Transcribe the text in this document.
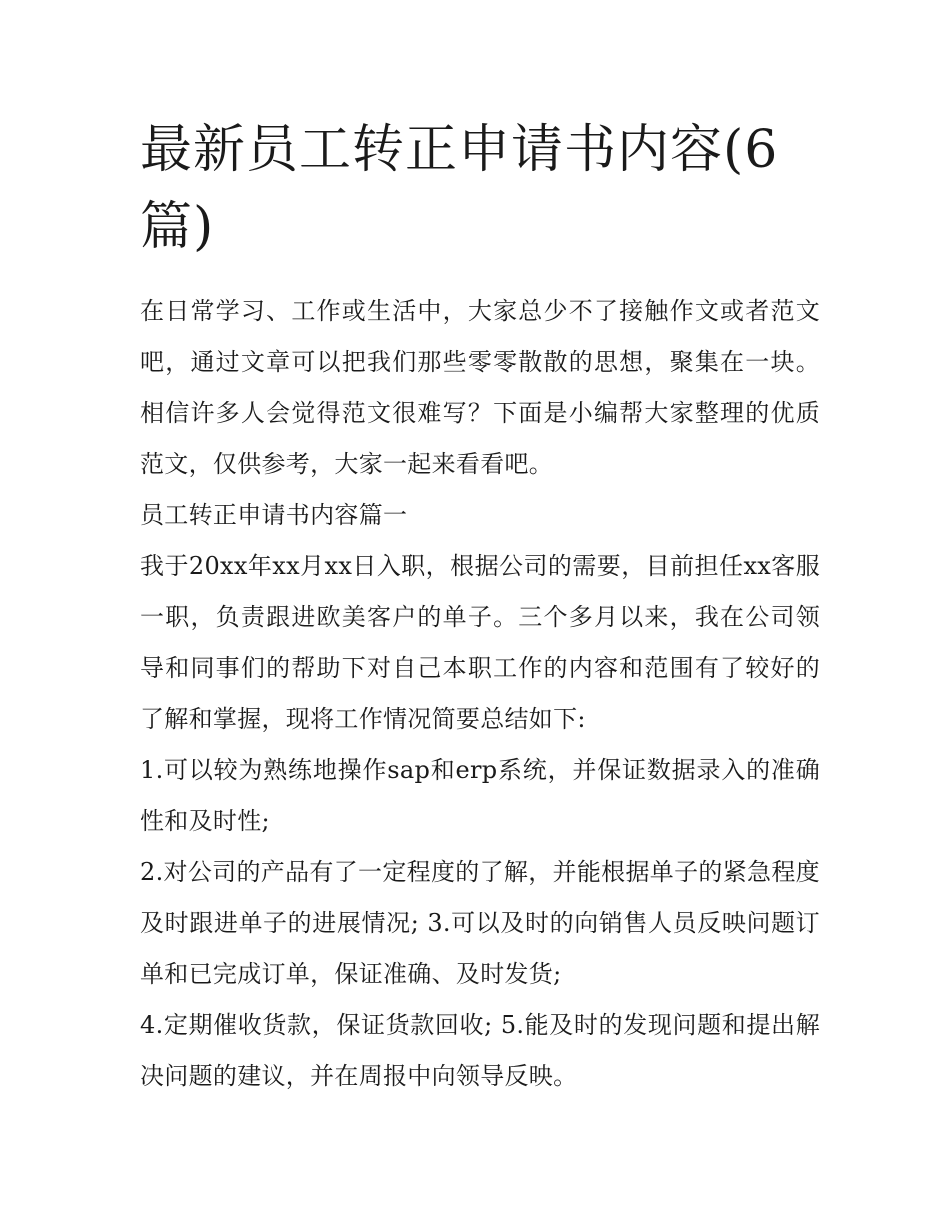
最新员工转正申请书内容(6篇)

在日常学习、工作或生活中，大家总少不了接触作文或者范文吧，通过文章可以把我们那些零零散散的思想，聚集在一块。相信许多人会觉得范文很难写？下面是小编帮大家整理的优质范文，仅供参考，大家一起来看看吧。

员工转正申请书内容篇一

我于20xx年xx月xx日入职，根据公司的需要，目前担任xx客服一职，负责跟进欧美客户的单子。三个多月以来，我在公司领导和同事们的帮助下对自己本职工作的内容和范围有了较好的了解和掌握，现将工作情况简要总结如下:

1.可以较为熟练地操作sap和erp系统，并保证数据录入的准确性和及时性;

2.对公司的产品有了一定程度的了解，并能根据单子的紧急程度及时跟进单子的进展情况; 3.可以及时的向销售人员反映问题订单和已完成订单，保证准确、及时发货;

4.定期催收货款，保证货款回收; 5.能及时的发现问题和提出解决问题的建议，并在周报中向领导反映。
